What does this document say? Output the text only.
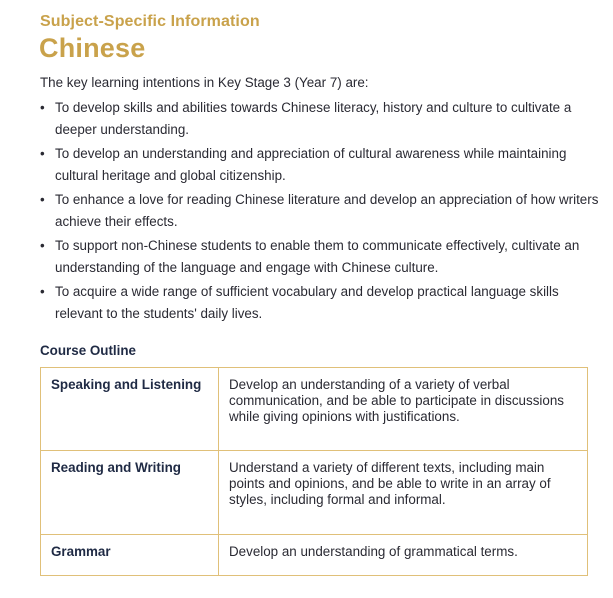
Subject-Specific Information
Chinese
The key learning intentions in Key Stage 3 (Year 7) are:
• To develop skills and abilities towards Chinese literacy, history and culture to cultivate a deeper understanding.
• To develop an understanding and appreciation of cultural awareness while maintaining cultural heritage and global citizenship.
• To enhance a love for reading Chinese literature and develop an appreciation of how writers achieve their effects.
• To support non-Chinese students to enable them to communicate effectively, cultivate an understanding of the language and engage with Chinese culture.
• To acquire a wide range of sufficient vocabulary and develop practical language skills relevant to the students' daily lives.
Course Outline
Speaking and Listening	Develop an understanding of a variety of verbal communication, and be able to participate in discussions while giving opinions with justifications.
Reading and Writing	Understand a variety of different texts, including main points and opinions, and be able to write in an array of styles, including formal and informal.
Grammar	Develop an understanding of grammatical terms.
